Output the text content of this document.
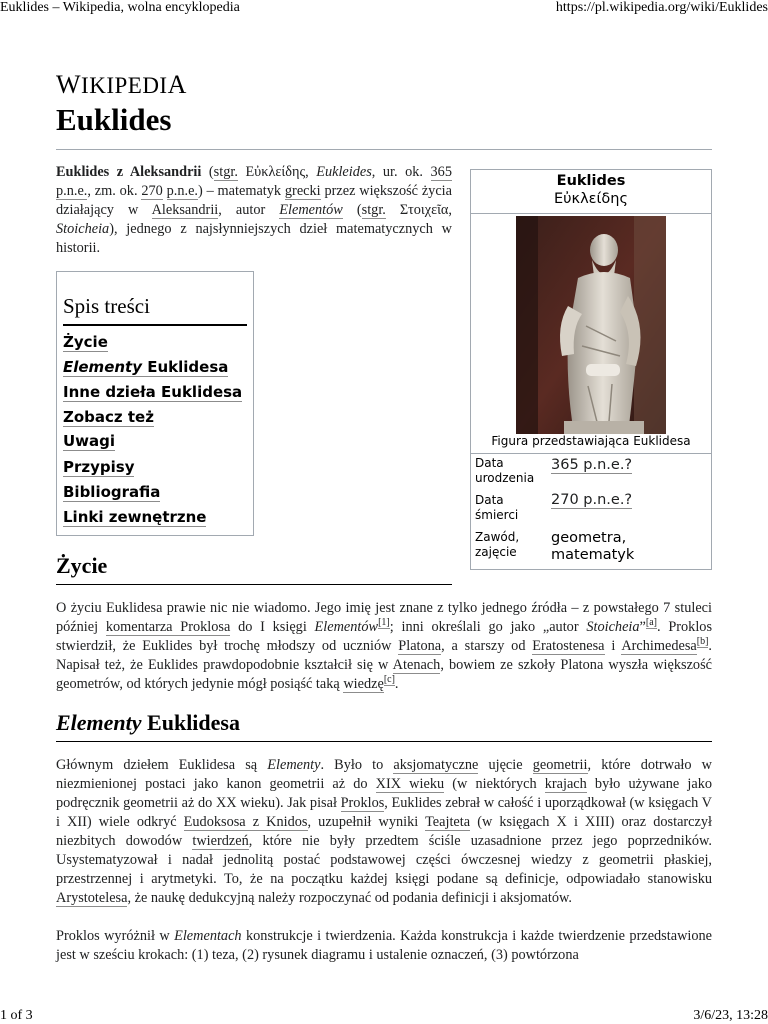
Euklides – Wikipedia, wolna encyklopedia	https://pl.wikipedia.org/wiki/Euklides
1 of 3	3/6/23, 13:28
WIKIPEDIA
Euklides

Euklides z Aleksandrii (stgr. Εὐκλείδης, Eukleides, ur. ok. 365 p.n.e., zm. ok. 270 p.n.e.) – matematyk grecki przez większość życia działający w Aleksandrii, autor Elementów (stgr. Στοιχεῖα, Stoicheia), jednego z najsłynniejszych dzieł matematycznych w historii.

Euklides
Εὐκλείδης
Figura przedstawiająca Euklidesa
Data urodzenia
365 p.n.e.?
Data śmierci
270 p.n.e.?
Zawód, zajęcie
geometra, matematyk
Spis treści
Życie
Elementy Euklidesa
Inne dzieła Euklidesa
Zobacz też
Uwagi
Przypisy
Bibliografia
Linki zewnętrzne
Życie

O życiu Euklidesa prawie nic nie wiadomo. Jego imię jest znane z tylko jednego źródła – z powstałego 7 stuleci później komentarza Proklosa do I księgi Elementów[1]; inni określali go jako „autor Stoicheia”[a]. Proklos stwierdził, że Euklides był trochę młodszy od uczniów Platona, a starszy od Eratostenesa i Archimedesa[b]. Napisał też, że Euklides prawdopodobnie kształcił się w Atenach, bowiem ze szkoły Platona wyszła większość geometrów, od których jedynie mógł posiąść taką wiedzę[c].

Elementy Euklidesa

Głównym dziełem Euklidesa są Elementy. Było to aksjomatyczne ujęcie geometrii, które dotrwało w niezmienionej postaci jako kanon geometrii aż do XIX wieku (w niektórych krajach było używane jako podręcznik geometrii aż do XX wieku). Jak pisał Proklos, Euklides zebrał w całość i uporządkował (w księgach V i XII) wiele odkryć Eudoksosa z Knidos, uzupełnił wyniki Teajteta (w księgach X i XIII) oraz dostarczył niezbitych dowodów twierdzeń, które nie były przedtem ściśle uzasadnione przez jego poprzedników. Usystematyzował i nadał jednolitą postać podstawowej części ówczesnej wiedzy z geometrii płaskiej, przestrzennej i arytmetyki. To, że na początku każdej księgi podane są definicje, odpowiadało stanowisku Arystotelesa, że naukę dedukcyjną należy rozpoczynać od podania definicji i aksjomatów.

Proklos wyróżnił w Elementach konstrukcje i twierdzenia. Każda konstrukcja i każde twierdzenie przedstawione jest w sześciu krokach: (1) teza, (2) rysunek diagramu i ustalenie oznaczeń, (3) powtórzona
